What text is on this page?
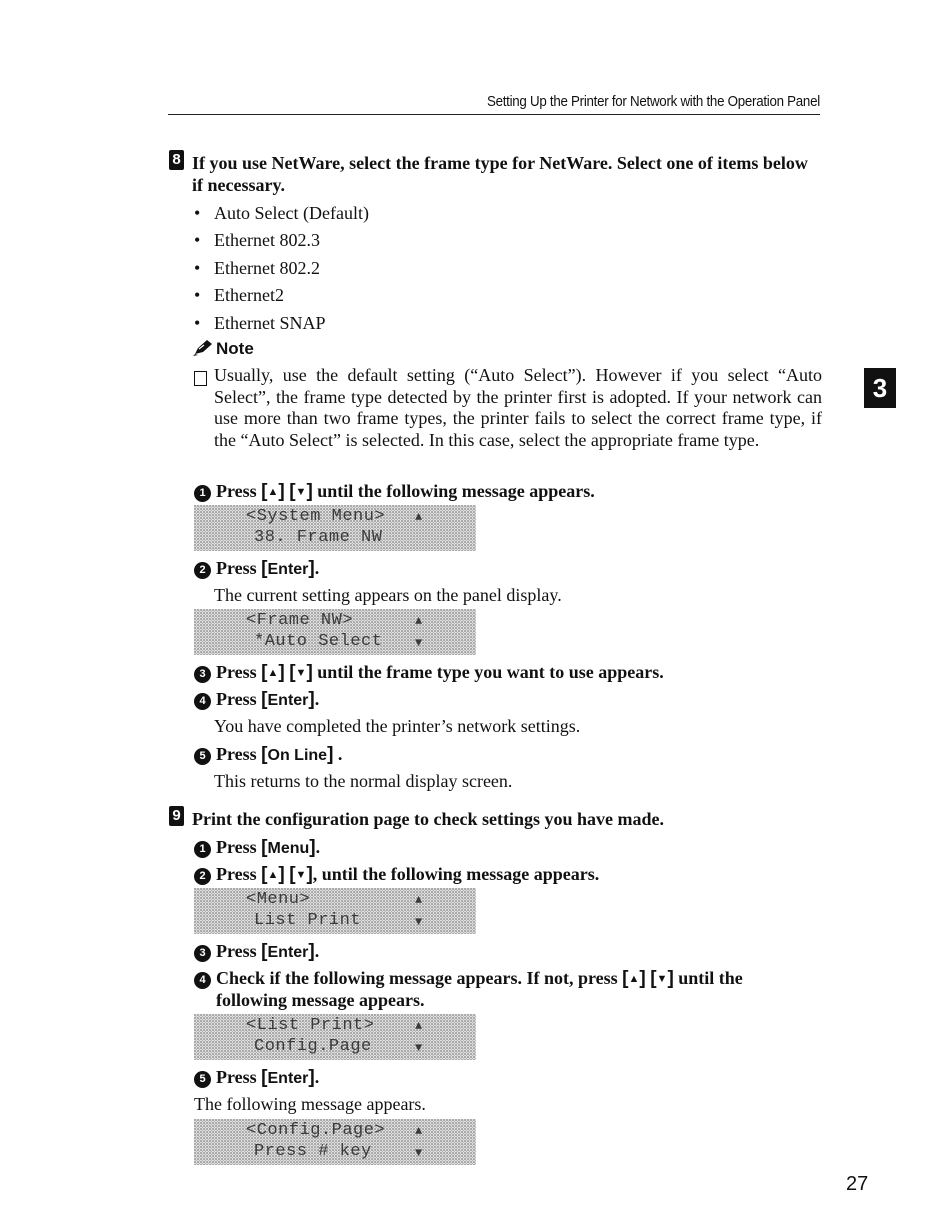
Setting Up the Printer for Network with the Operation Panel
3
8 If you use NetWare, select the frame type for NetWare. Select one of items below if necessary.
• Auto Select (Default)
• Ethernet 802.3
• Ethernet 802.2
• Ethernet2
• Ethernet SNAP
Note
Usually, use the default setting (“Auto Select”). However if you select “Auto Select”, the frame type detected by the printer first is adopted. If your network can use more than two frame types, the printer fails to select the correct frame type, if the “Auto Select” is selected. In this case, select the appropriate frame type.
1 Press [▲] [▼] until the following message appears.
<System Menu>
38. Frame NW
▲
2 Press [Enter].
The current setting appears on the panel display.
<Frame NW>
*Auto Select
▲
▼
3 Press [▲] [▼] until the frame type you want to use appears.
4 Press [Enter].
You have completed the printer’s network settings.
5 Press [On Line] .
This returns to the normal display screen.
9 Print the configuration page to check settings you have made.
1 Press [Menu].
2 Press [▲] [▼], until the following message appears.
<Menu>
List Print
▲
▼
3 Press [Enter].
4 Check if the following message appears. If not, press [▲] [▼] until the
following message appears.
<List Print>
Config.Page
▲
▼
5 Press [Enter].
The following message appears.
<Config.Page>
Press # key
▲
▼
27
